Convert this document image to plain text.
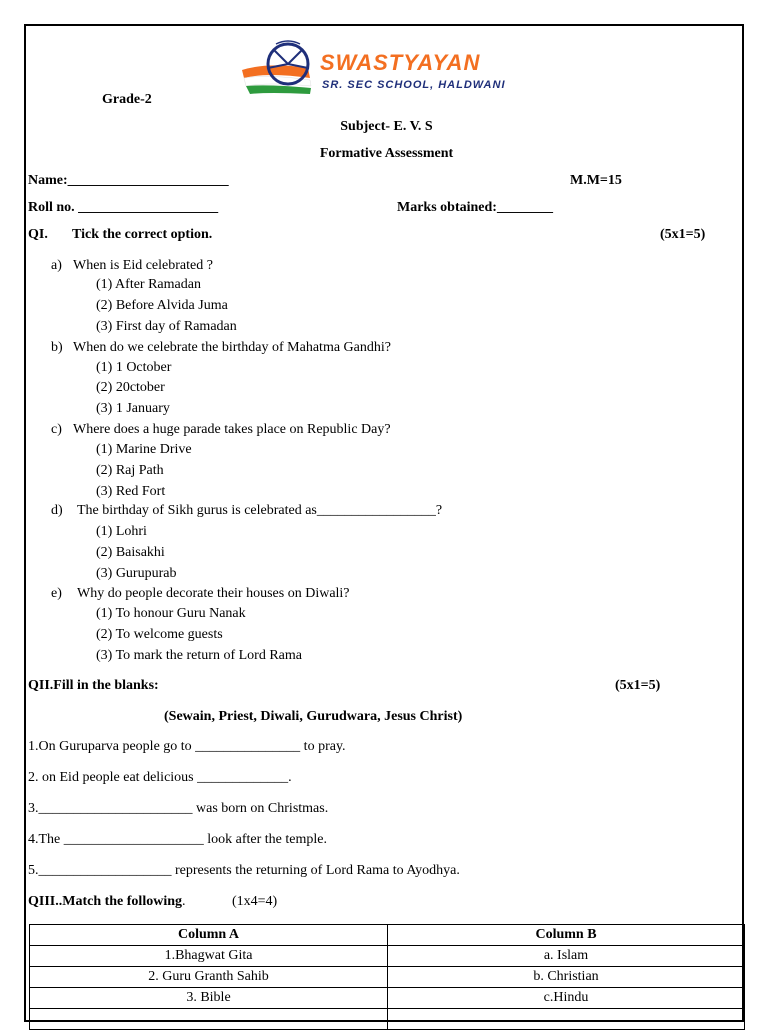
SWASTYAYAN
SR. SEC SCHOOL, HALDWANI
Grade-2
Subject- E. V. S
Formative Assessment
Name:_______________________	M.M=15
Roll no. ____________________	Marks obtained:________
QI. Tick the correct option.	(5x1=5)
a) When is Eid celebrated ?
(1) After Ramadan
(2) Before Alvida Juma
(3) First day of Ramadan
b) When do we celebrate the birthday of Mahatma Gandhi?
(1) 1 October
(2) 20ctober
(3) 1 January
c) Where does a huge parade takes place on Republic Day?
(1) Marine Drive
(2) Raj Path
(3) Red Fort
d) The birthday of Sikh gurus is celebrated as_________________?
(1) Lohri
(2) Baisakhi
(3) Gurupurab
e) Why do people decorate their houses on Diwali?
(1) To honour Guru Nanak
(2) To welcome guests
(3) To mark the return of Lord Rama
QII.Fill in the blanks:	(5x1=5)
(Sewain, Priest, Diwali, Gurudwara, Jesus Christ)
1.On Guruparva people go to _______________ to pray.
2. on Eid people eat delicious _____________.
3.______________________ was born on Christmas.
4.The ____________________ look after the temple.
5.___________________ represents the returning of Lord Rama to Ayodhya.
QIII..Match the following.	(1x4=4)
Column A	Column B
1.Bhagwat Gita	a. Islam
2. Guru Granth Sahib	b. Christian
3. Bible	c.Hindu
